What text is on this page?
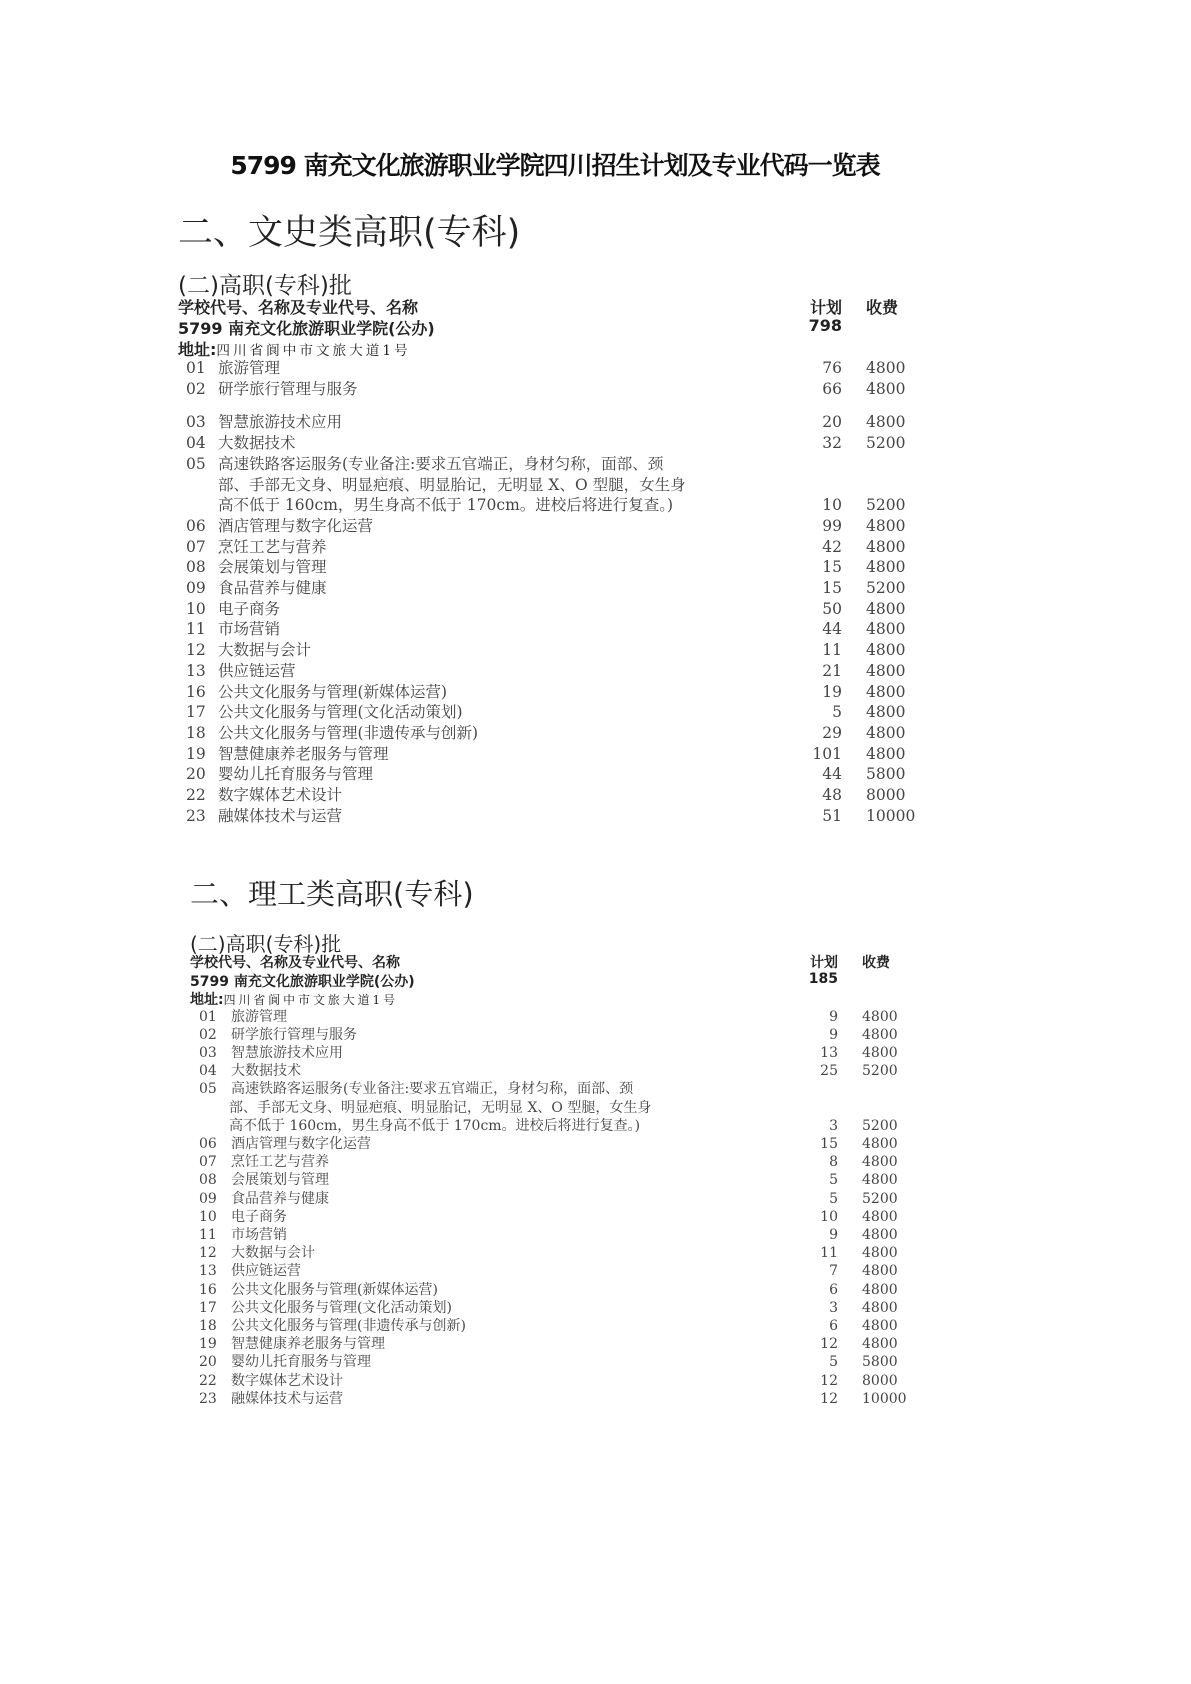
5799 南充文化旅游职业学院四川招生计划及专业代码一览表
二、文史类高职(专科)
(二)高职(专科)批
学校代号、名称及专业代号、名称	计划 收费
5799 南充文化旅游职业学院(公办)	798
地址:四川省阆中市文旅大道1号
01 旅游管理	76 4800
02 研学旅行管理与服务	66 4800
03 智慧旅游技术应用	20 4800
04 大数据技术	32 5200
05 高速铁路客运服务(专业备注:要求五官端正，身材匀称，面部、颈
部、手部无文身、明显疤痕、明显胎记，无明显 X、O 型腿，女生身
高不低于 160cm，男生身高不低于 170cm。进校后将进行复查。)	10 5200
06 酒店管理与数字化运营	99 4800
07 烹饪工艺与营养	42 4800
08 会展策划与管理	15 4800
09 食品营养与健康	15 5200
10 电子商务	50 4800
11 市场营销	44 4800
12 大数据与会计	11 4800
13 供应链运营	21 4800
16 公共文化服务与管理(新媒体运营)	19 4800
17 公共文化服务与管理(文化活动策划)	5 4800
18 公共文化服务与管理(非遗传承与创新)	29 4800
19 智慧健康养老服务与管理	101 4800
20 婴幼儿托育服务与管理	44 5800
22 数字媒体艺术设计	48 8000
23 融媒体技术与运营	51 10000
二、理工类高职(专科)
(二)高职(专科)批
学校代号、名称及专业代号、名称	计划 收费
5799 南充文化旅游职业学院(公办)	185
地址:四川省阆中市文旅大道1号
01 旅游管理	9 4800
02 研学旅行管理与服务	9 4800
03 智慧旅游技术应用	13 4800
04 大数据技术	25 5200
05 高速铁路客运服务(专业备注:要求五官端正，身材匀称，面部、颈
部、手部无文身、明显疤痕、明显胎记，无明显 X、O 型腿，女生身
高不低于 160cm，男生身高不低于 170cm。进校后将进行复查。)	3 5200
06 酒店管理与数字化运营	15 4800
07 烹饪工艺与营养	8 4800
08 会展策划与管理	5 4800
09 食品营养与健康	5 5200
10 电子商务	10 4800
11 市场营销	9 4800
12 大数据与会计	11 4800
13 供应链运营	7 4800
16 公共文化服务与管理(新媒体运营)	6 4800
17 公共文化服务与管理(文化活动策划)	3 4800
18 公共文化服务与管理(非遗传承与创新)	6 4800
19 智慧健康养老服务与管理	12 4800
20 婴幼儿托育服务与管理	5 5800
22 数字媒体艺术设计	12 8000
23 融媒体技术与运营	12 10000
